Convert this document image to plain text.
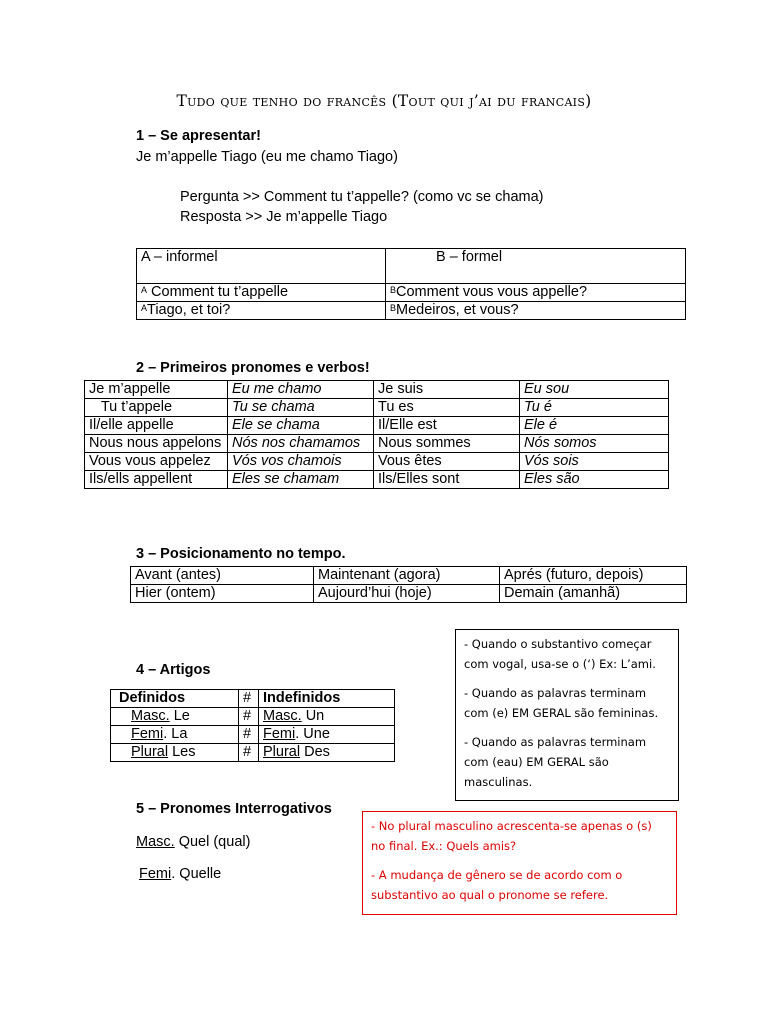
Tudo que tenho do francês (Tout qui j’ai du francais)
1 – Se apresentar!
Je m’appelle Tiago (eu me chamo Tiago)
Pergunta >> Comment tu t’appelle? (como vc se chama)
Resposta >> Je m’appelle Tiago
A – informel	B – formel
$^A$ Comment tu t’appelle	$^B$Comment vous vous appelle?
$^A$Tiago, et toi?	$^B$Medeiros, et vous?
2 – Primeiros pronomes e verbos!
Je m’appelle	Eu me chamo	Je suis	Eu sou
Tu t’appele	Tu se chama	Tu es	Tu é
Il/elle appelle	Ele se chama	Il/Elle est	Ele é
Nous nous appelons	Nós nos chamamos	Nous sommes	Nós somos
Vous vous appelez	Vós vos chamois	Vous êtes	Vós sois
Ils/ells appellent	Eles se chamam	Ils/Elles sont	Eles são
3 – Posicionamento no tempo.
Avant (antes)	Maintenant (agora)	Aprés (futuro, depois)
Hier (ontem)	Aujourd’hui (hoje)	Demain (amanhã)
4 – Artigos
Definidos	#	Indefinidos
Masc. Le	#	Masc. Un
Femi. La	#	Femi. Une
Plural Les	#	Plural Des

- Quando o substantivo começar com vogal, usa-se o (‘) Ex: L’ami.

- Quando as palavras terminam com (e) EM GERAL são femininas.

- Quando as palavras terminam com (eau) EM GERAL são masculinas.

5 – Pronomes Interrogativos
Masc. Quel (qual)
Femi. Quelle

- No plural masculino acrescenta-se apenas o (s) no final. Ex.: Quels amis?

- A mudança de gênero se de acordo com o substantivo ao qual o pronome se refere.
